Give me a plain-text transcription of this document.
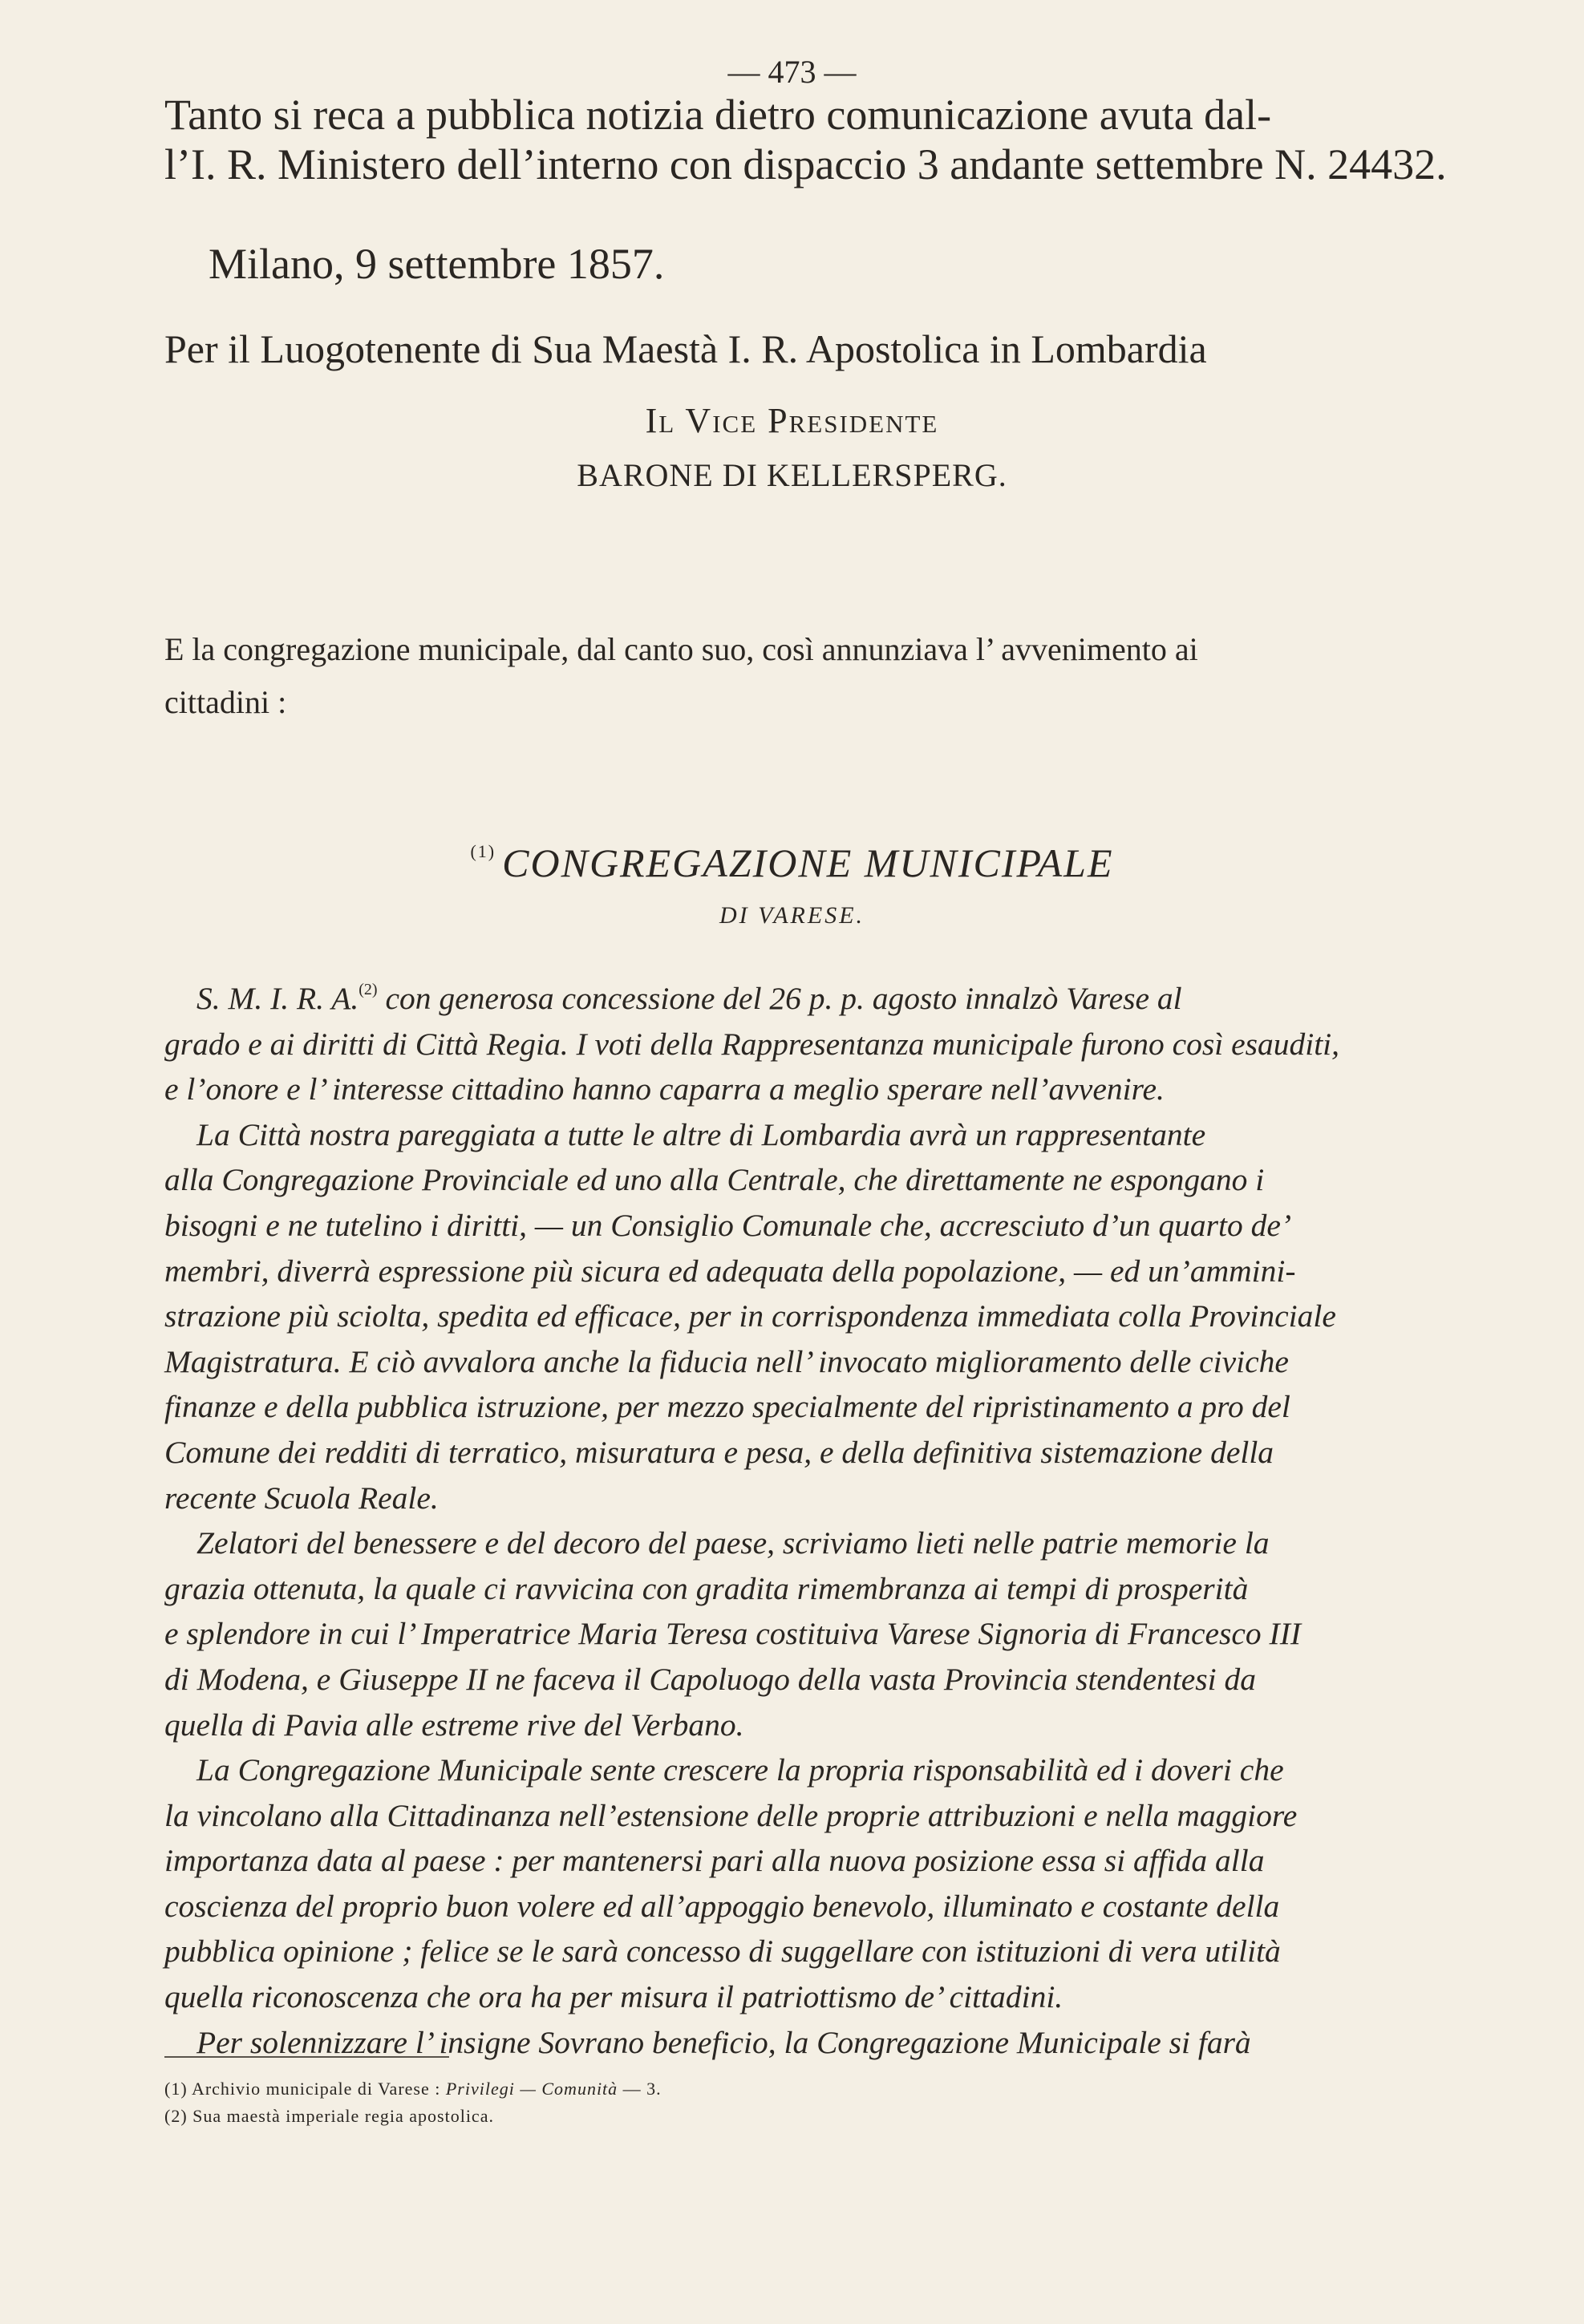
— 473 —
Tanto si reca a pubblica notizia dietro comunicazione avuta dal-
l’I. R. Ministero dell’interno con dispaccio 3 andante settembre N. 24432.
Milano, 9 settembre 1857.
Per il Luogotenente di Sua Maestà I. R. Apostolica in Lombardia
Il Vice Presidente
BARONE DI KELLERSPERG.
E la congregazione municipale, dal canto suo, così annunziava l’ avvenimento ai
cittadini :
$^{(1)}$ CONGREGAZIONE MUNICIPALE
DI VARESE.
S. M. I. R. A.$^{(2)}$ con generosa concessione del 26 p. p. agosto innalzò Varese al
grado e ai diritti di Città Regia. I voti della Rappresentanza municipale furono così esauditi,
e l’onore e l’ interesse cittadino hanno caparra a meglio sperare nell’avvenire.
La Città nostra pareggiata a tutte le altre di Lombardia avrà un rappresentante
alla Congregazione Provinciale ed uno alla Centrale, che direttamente ne espongano i
bisogni e ne tutelino i diritti, — un Consiglio Comunale che, accresciuto d’un quarto de’
membri, diverrà espressione più sicura ed adequata della popolazione, — ed un’ammini-
strazione più sciolta, spedita ed efficace, per in corrispondenza immediata colla Provinciale
Magistratura. E ciò avvalora anche la fiducia nell’ invocato miglioramento delle civiche
finanze e della pubblica istruzione, per mezzo specialmente del ripristinamento a pro del
Comune dei redditi di terratico, misuratura e pesa, e della definitiva sistemazione della
recente Scuola Reale.
Zelatori del benessere e del decoro del paese, scriviamo lieti nelle patrie memorie la
grazia ottenuta, la quale ci ravvicina con gradita rimembranza ai tempi di prosperità
e splendore in cui l’ Imperatrice Maria Teresa costituiva Varese Signoria di Francesco III
di Modena, e Giuseppe II ne faceva il Capoluogo della vasta Provincia stendentesi da
quella di Pavia alle estreme rive del Verbano.
La Congregazione Municipale sente crescere la propria risponsabilità ed i doveri che
la vincolano alla Cittadinanza nell’estensione delle proprie attribuzioni e nella maggiore
importanza data al paese : per mantenersi pari alla nuova posizione essa si affida alla
coscienza del proprio buon volere ed all’appoggio benevolo, illuminato e costante della
pubblica opinione ; felice se le sarà concesso di suggellare con istituzioni di vera utilità
quella riconoscenza che ora ha per misura il patriottismo de’ cittadini.
Per solennizzare l’ insigne Sovrano beneficio, la Congregazione Municipale si farà
(1) Archivio municipale di Varese : Privilegi — Comunità — 3.
(2) Sua maestà imperiale regia apostolica.
